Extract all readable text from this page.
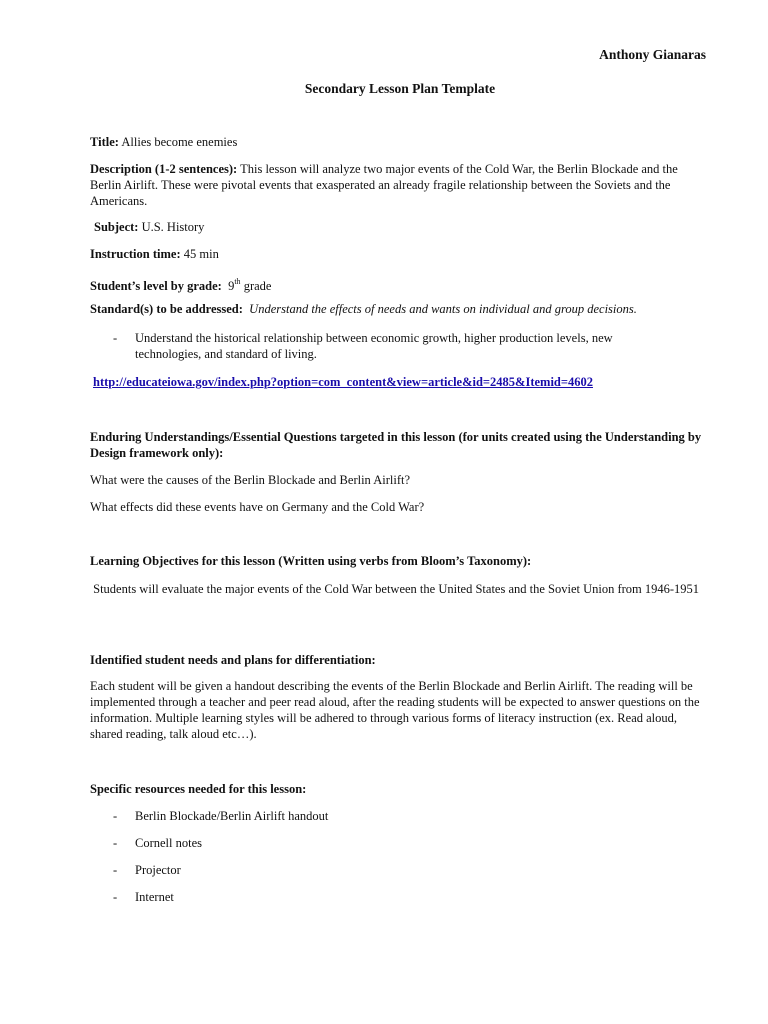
Anthony Gianaras
Secondary Lesson Plan Template
Title: Allies become enemies
Description (1-2 sentences): This lesson will analyze two major events of the Cold War, the Berlin Blockade and the Berlin Airlift. These were pivotal events that exasperated an already fragile relationship between the Soviets and the Americans.
Subject: U.S. History
Instruction time: 45 min
Student’s level by grade: 9th grade
Standard(s) to be addressed: Understand the effects of needs and wants on individual and group decisions.
- Understand the historical relationship between economic growth, higher production levels, new technologies, and standard of living.
http://educateiowa.gov/index.php?option=com_content&view=article&id=2485&Itemid=4602
Enduring Understandings/Essential Questions targeted in this lesson (for units created using the Understanding by Design framework only):
What were the causes of the Berlin Blockade and Berlin Airlift?
What effects did these events have on Germany and the Cold War?
Learning Objectives for this lesson (Written using verbs from Bloom’s Taxonomy):
Students will evaluate the major events of the Cold War between the United States and the Soviet Union from 1946-1951
Identified student needs and plans for differentiation:
Each student will be given a handout describing the events of the Berlin Blockade and Berlin Airlift. The reading will be implemented through a teacher and peer read aloud, after the reading students will be expected to answer questions on the information. Multiple learning styles will be adhered to through various forms of literacy instruction (ex. Read aloud, shared reading, talk aloud etc…).
Specific resources needed for this lesson:
- Berlin Blockade/Berlin Airlift handout
- Cornell notes
- Projector
- Internet
